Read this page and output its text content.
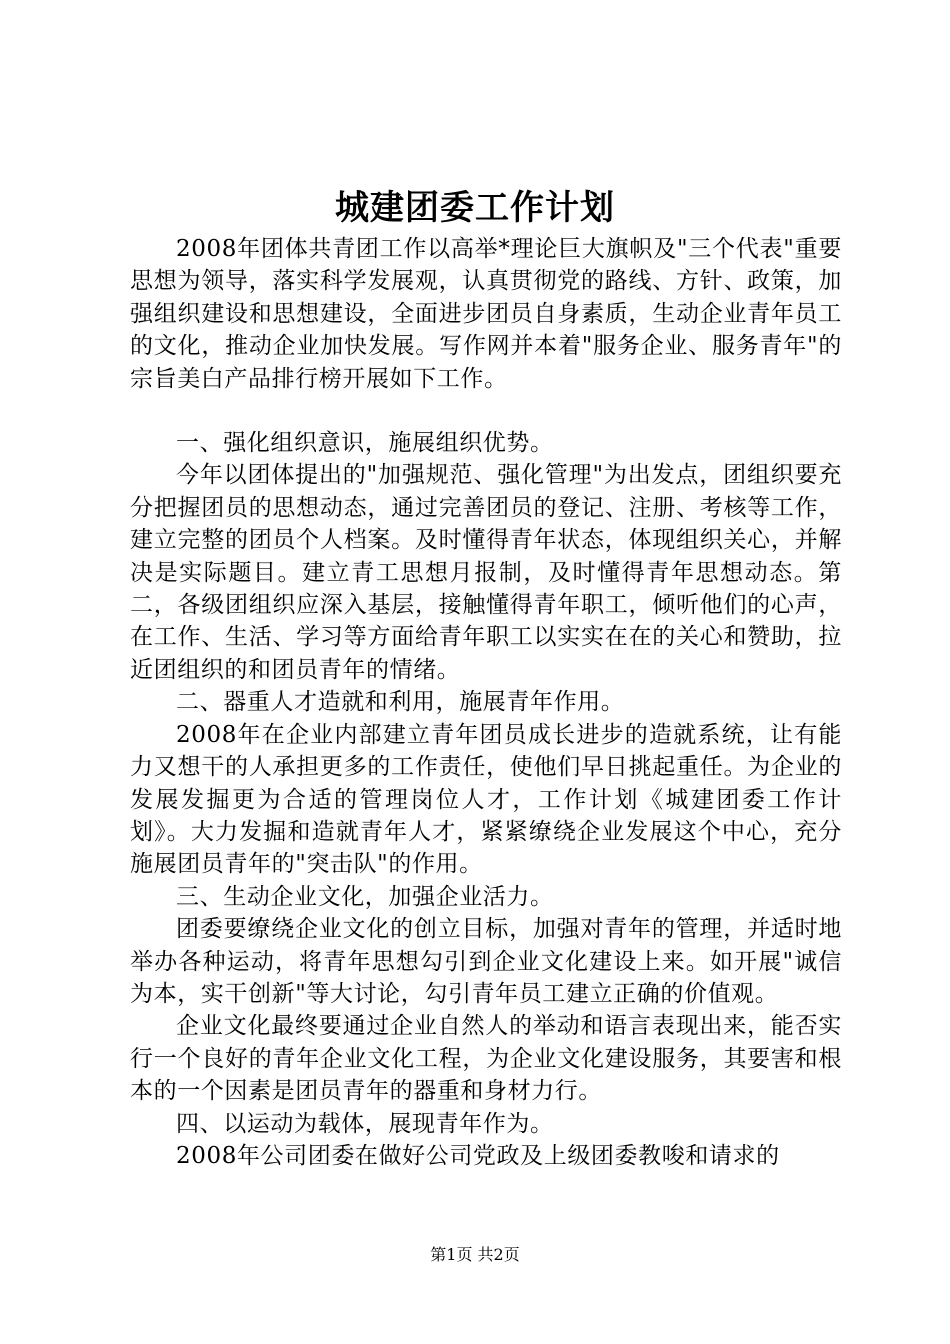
城建团委工作计划

2008年团体共青团工作以高举*理论巨大旗帜及"三个代表"重要思想为领导，落实科学发展观，认真贯彻党的路线、方针、政策，加强组织建设和思想建设，全面进步团员自身素质，生动企业青年员工的文化，推动企业加快发展。写作网并本着"服务企业、服务青年"的宗旨美白产品排行榜开展如下工作。

一、强化组织意识，施展组织优势。

今年以团体提出的"加强规范、强化管理"为出发点，团组织要充分把握团员的思想动态，通过完善团员的登记、注册、考核等工作，建立完整的团员个人档案。及时懂得青年状态，体现组织关心，并解决是实际题目。建立青工思想月报制，及时懂得青年思想动态。第二，各级团组织应深入基层，接触懂得青年职工，倾听他们的心声，在工作、生活、学习等方面给青年职工以实实在在的关心和赞助，拉近团组织的和团员青年的情绪。

二、器重人才造就和利用，施展青年作用。

2008年在企业内部建立青年团员成长进步的造就系统，让有能力又想干的人承担更多的工作责任，使他们早日挑起重任。为企业的发展发掘更为合适的管理岗位人才，工作计划《城建团委工作计划》。大力发掘和造就青年人才，紧紧缭绕企业发展这个中心，充分施展团员青年的"突击队"的作用。

三、生动企业文化，加强企业活力。

团委要缭绕企业文化的创立目标，加强对青年的管理，并适时地举办各种运动，将青年思想勾引到企业文化建设上来。如开展"诚信为本，实干创新"等大讨论，勾引青年员工建立正确的价值观。

企业文化最终要通过企业自然人的举动和语言表现出来，能否实行一个良好的青年企业文化工程，为企业文化建设服务，其要害和根本的一个因素是团员青年的器重和身材力行。

四、以运动为载体，展现青年作为。

2008年公司团委在做好公司党政及上级团委教唆和请求的

第1页 共2页
